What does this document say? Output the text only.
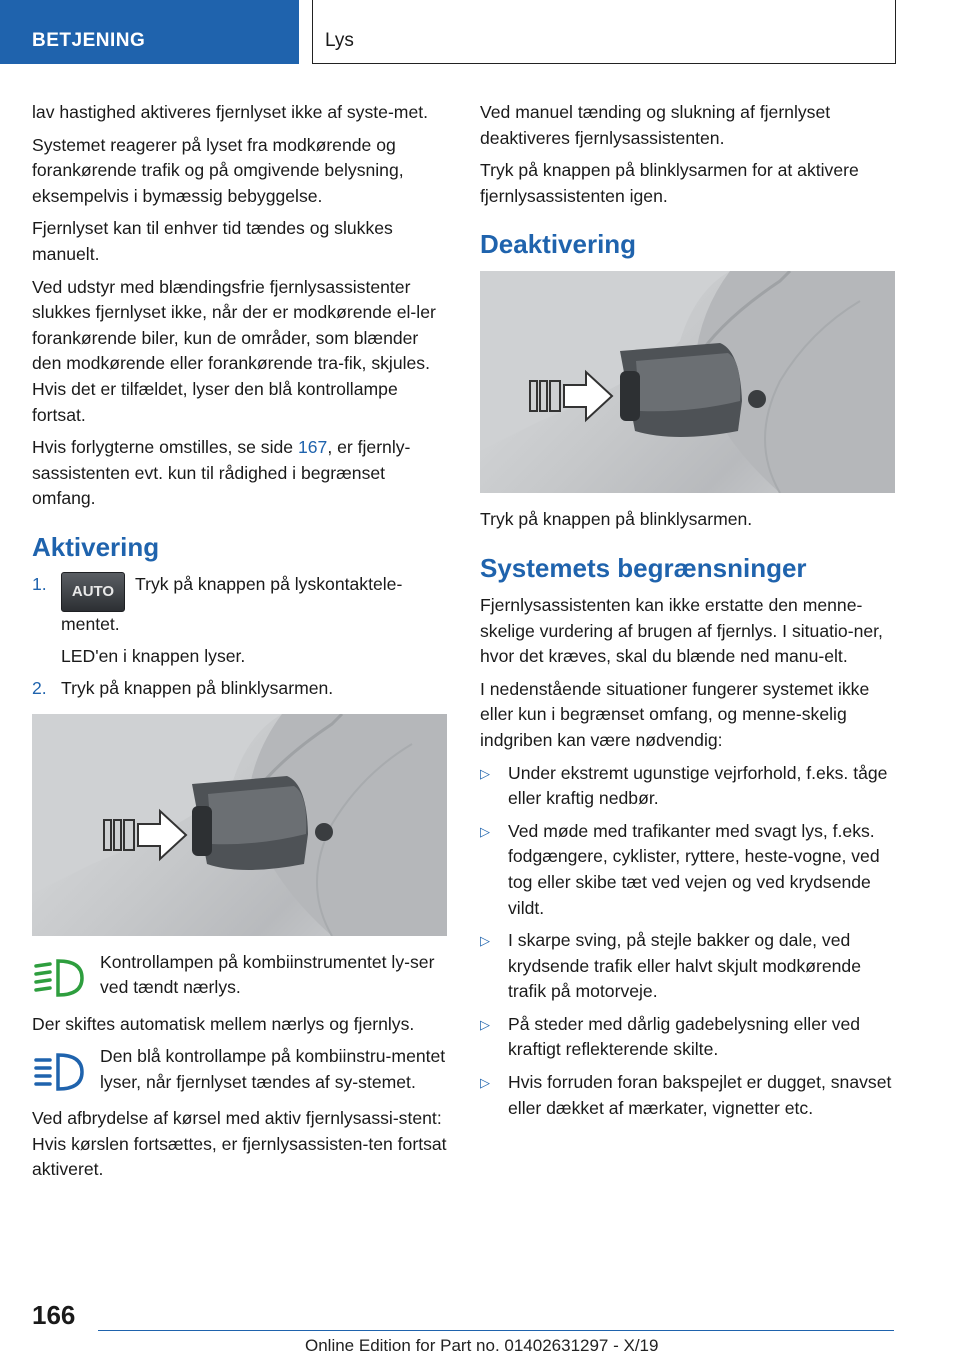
BETJENING	Lys

lav hastighed aktiveres fjernlyset ikke af syste-met.

Systemet reagerer på lyset fra modkørende og forankørende trafik og på omgivende belysning, eksempelvis i bymæssig bebyggelse.

Fjernlyset kan til enhver tid tændes og slukkes manuelt.

Ved udstyr med blændingsfrie fjernlysassistenter slukkes fjernlyset ikke, når der er modkørende el-ler forankørende biler, kun de områder, som blænder den modkørende eller forankørende tra-fik, skjules. Hvis det er tilfældet, lyser den blå kontrollampe fortsat.

Hvis forlygterne omstilles, se side 167, er fjernly-sassistenten evt. kun til rådighed i begrænset omfang.

Aktivering
1. AUTO Tryk på knappen på lyskontaktele-mentet.
LED'en i knappen lyser.
2. Tryk på knappen på blinklysarmen.
Kontrollampen på kombiinstrumentet ly-ser ved tændt nærlys.

Der skiftes automatisk mellem nærlys og fjernlys.

Den blå kontrollampe på kombiinstru-mentet lyser, når fjernlyset tændes af sy-stemet.

Ved afbrydelse af kørsel med aktiv fjernlysassi-stent: Hvis kørslen fortsættes, er fjernlysassisten-ten fortsat aktiveret.

Ved manuel tænding og slukning af fjernlyset deaktiveres fjernlysassistenten.

Tryk på knappen på blinklysarmen for at aktivere fjernlysassistenten igen.

Deaktivering

Tryk på knappen på blinklysarmen.

Systemets begrænsninger

Fjernlysassistenten kan ikke erstatte den menne-skelige vurdering af brugen af fjernlys. I situatio-ner, hvor det kræves, skal du blænde ned manu-elt.

I nedenstående situationer fungerer systemet ikke eller kun i begrænset omfang, og menne-skelig indgriben kan være nødvendig:

▷ Under ekstremt ugunstige vejrforhold, f.eks. tåge eller kraftig nedbør.
▷ Ved møde med trafikanter med svagt lys, f.eks. fodgængere, cyklister, ryttere, heste-vogne, ved tog eller skibe tæt ved vejen og ved krydsende vildt.
▷ I skarpe sving, på stejle bakker og dale, ved krydsende trafik eller halvt skjult modkørende trafik på motorveje.
▷ På steder med dårlig gadebelysning eller ved kraftigt reflekterende skilte.
▷ Hvis forruden foran bakspejlet er dugget, snavset eller dækket af mærkater, vignetter etc.
166
Online Edition for Part no. 01402631297 - X/19
